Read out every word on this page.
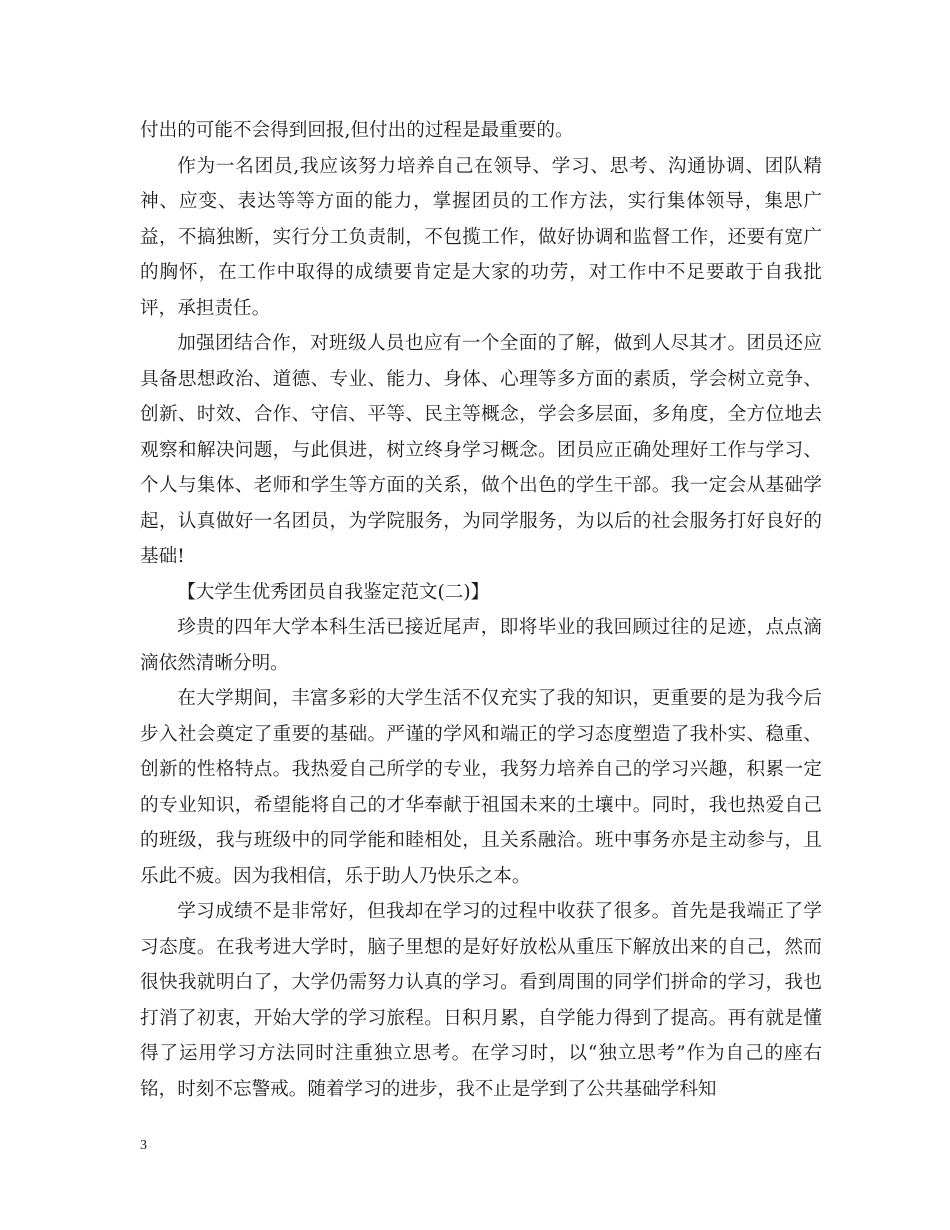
付出的可能不会得到回报,但付出的过程是最重要的。

作为一名团员,我应该努力培养自己在领导、学习、思考、沟通协调、团队精神、应变、表达等等方面的能力，掌握团员的工作方法，实行集体领导，集思广益，不搞独断，实行分工负责制，不包揽工作，做好协调和监督工作，还要有宽广的胸怀，在工作中取得的成绩要肯定是大家的功劳，对工作中不足要敢于自我批评，承担责任。

加强团结合作，对班级人员也应有一个全面的了解，做到人尽其才。团员还应具备思想政治、道德、专业、能力、身体、心理等多方面的素质，学会树立竞争、创新、时效、合作、守信、平等、民主等概念，学会多层面，多角度，全方位地去观察和解决问题，与此俱进，树立终身学习概念。团员应正确处理好工作与学习、个人与集体、老师和学生等方面的关系，做个出色的学生干部。我一定会从基础学起，认真做好一名团员，为学院服务，为同学服务，为以后的社会服务打好良好的基础!

【大学生优秀团员自我鉴定范文(二)】

珍贵的四年大学本科生活已接近尾声，即将毕业的我回顾过往的足迹，点点滴滴依然清晰分明。

在大学期间，丰富多彩的大学生活不仅充实了我的知识，更重要的是为我今后步入社会奠定了重要的基础。严谨的学风和端正的学习态度塑造了我朴实、稳重、创新的性格特点。我热爱自己所学的专业，我努力培养自己的学习兴趣，积累一定的专业知识，希望能将自己的才华奉献于祖国未来的土壤中。同时，我也热爱自己的班级，我与班级中的同学能和睦相处，且关系融洽。班中事务亦是主动参与，且乐此不疲。因为我相信，乐于助人乃快乐之本。

学习成绩不是非常好，但我却在学习的过程中收获了很多。首先是我端正了学习态度。在我考进大学时，脑子里想的是好好放松从重压下解放出来的自己，然而很快我就明白了，大学仍需努力认真的学习。看到周围的同学们拼命的学习，我也打消了初衷，开始大学的学习旅程。日积月累，自学能力得到了提高。再有就是懂得了运用学习方法同时注重独立思考。在学习时，以“独立思考”作为自己的座右铭，时刻不忘警戒。随着学习的进步，我不止是学到了公共基础学科知

3
